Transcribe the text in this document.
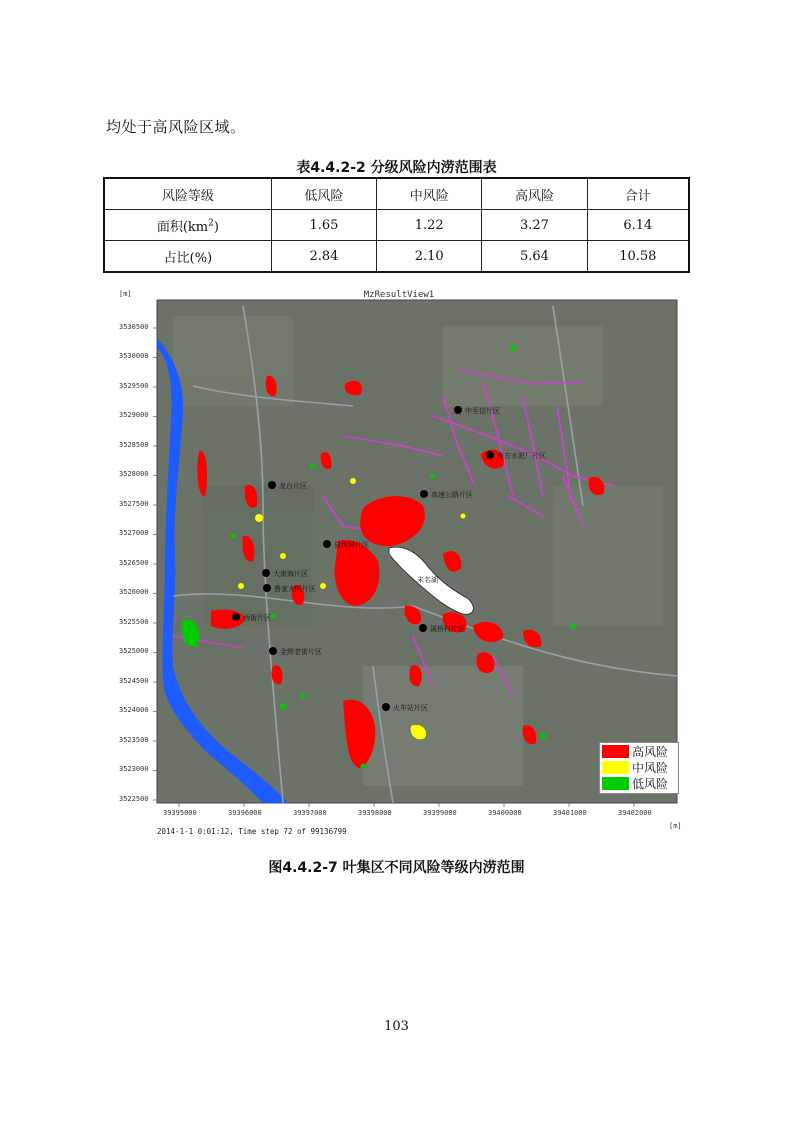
均处于高风险区域。
表4.4.2-2 分级风险内涝范围表
风险等级	低风险	中风险	高风险	合计
面积$(km^2)$	1.65	1.22	3.27	6.14
占比(%)	2.84	2.10	5.64	10.58
[m]	MzResultView1
中至信片区
南方水泥厂片区
龙台片区
高速公路片区
县传局片区
大南海片区
鲁家大院片区
西街片区
未名湖
溪桥村片区
金辉老街片区
火车站片区
3530500
3530000
3529500
3529000
3528500
3528000
3527500
3527000
3526500
3526000
3525500
3525000
3524500
3524000
3523500
3523000
3522500
39395000	39396000	39397000	39398000	39399000	39400000	39401000	39402000
[m]
2014-1-1 0:01:12, Time step 72 of 99136799
高风险
中风险
低风险
图4.4.2-7 叶集区不同风险等级内涝范围
103
